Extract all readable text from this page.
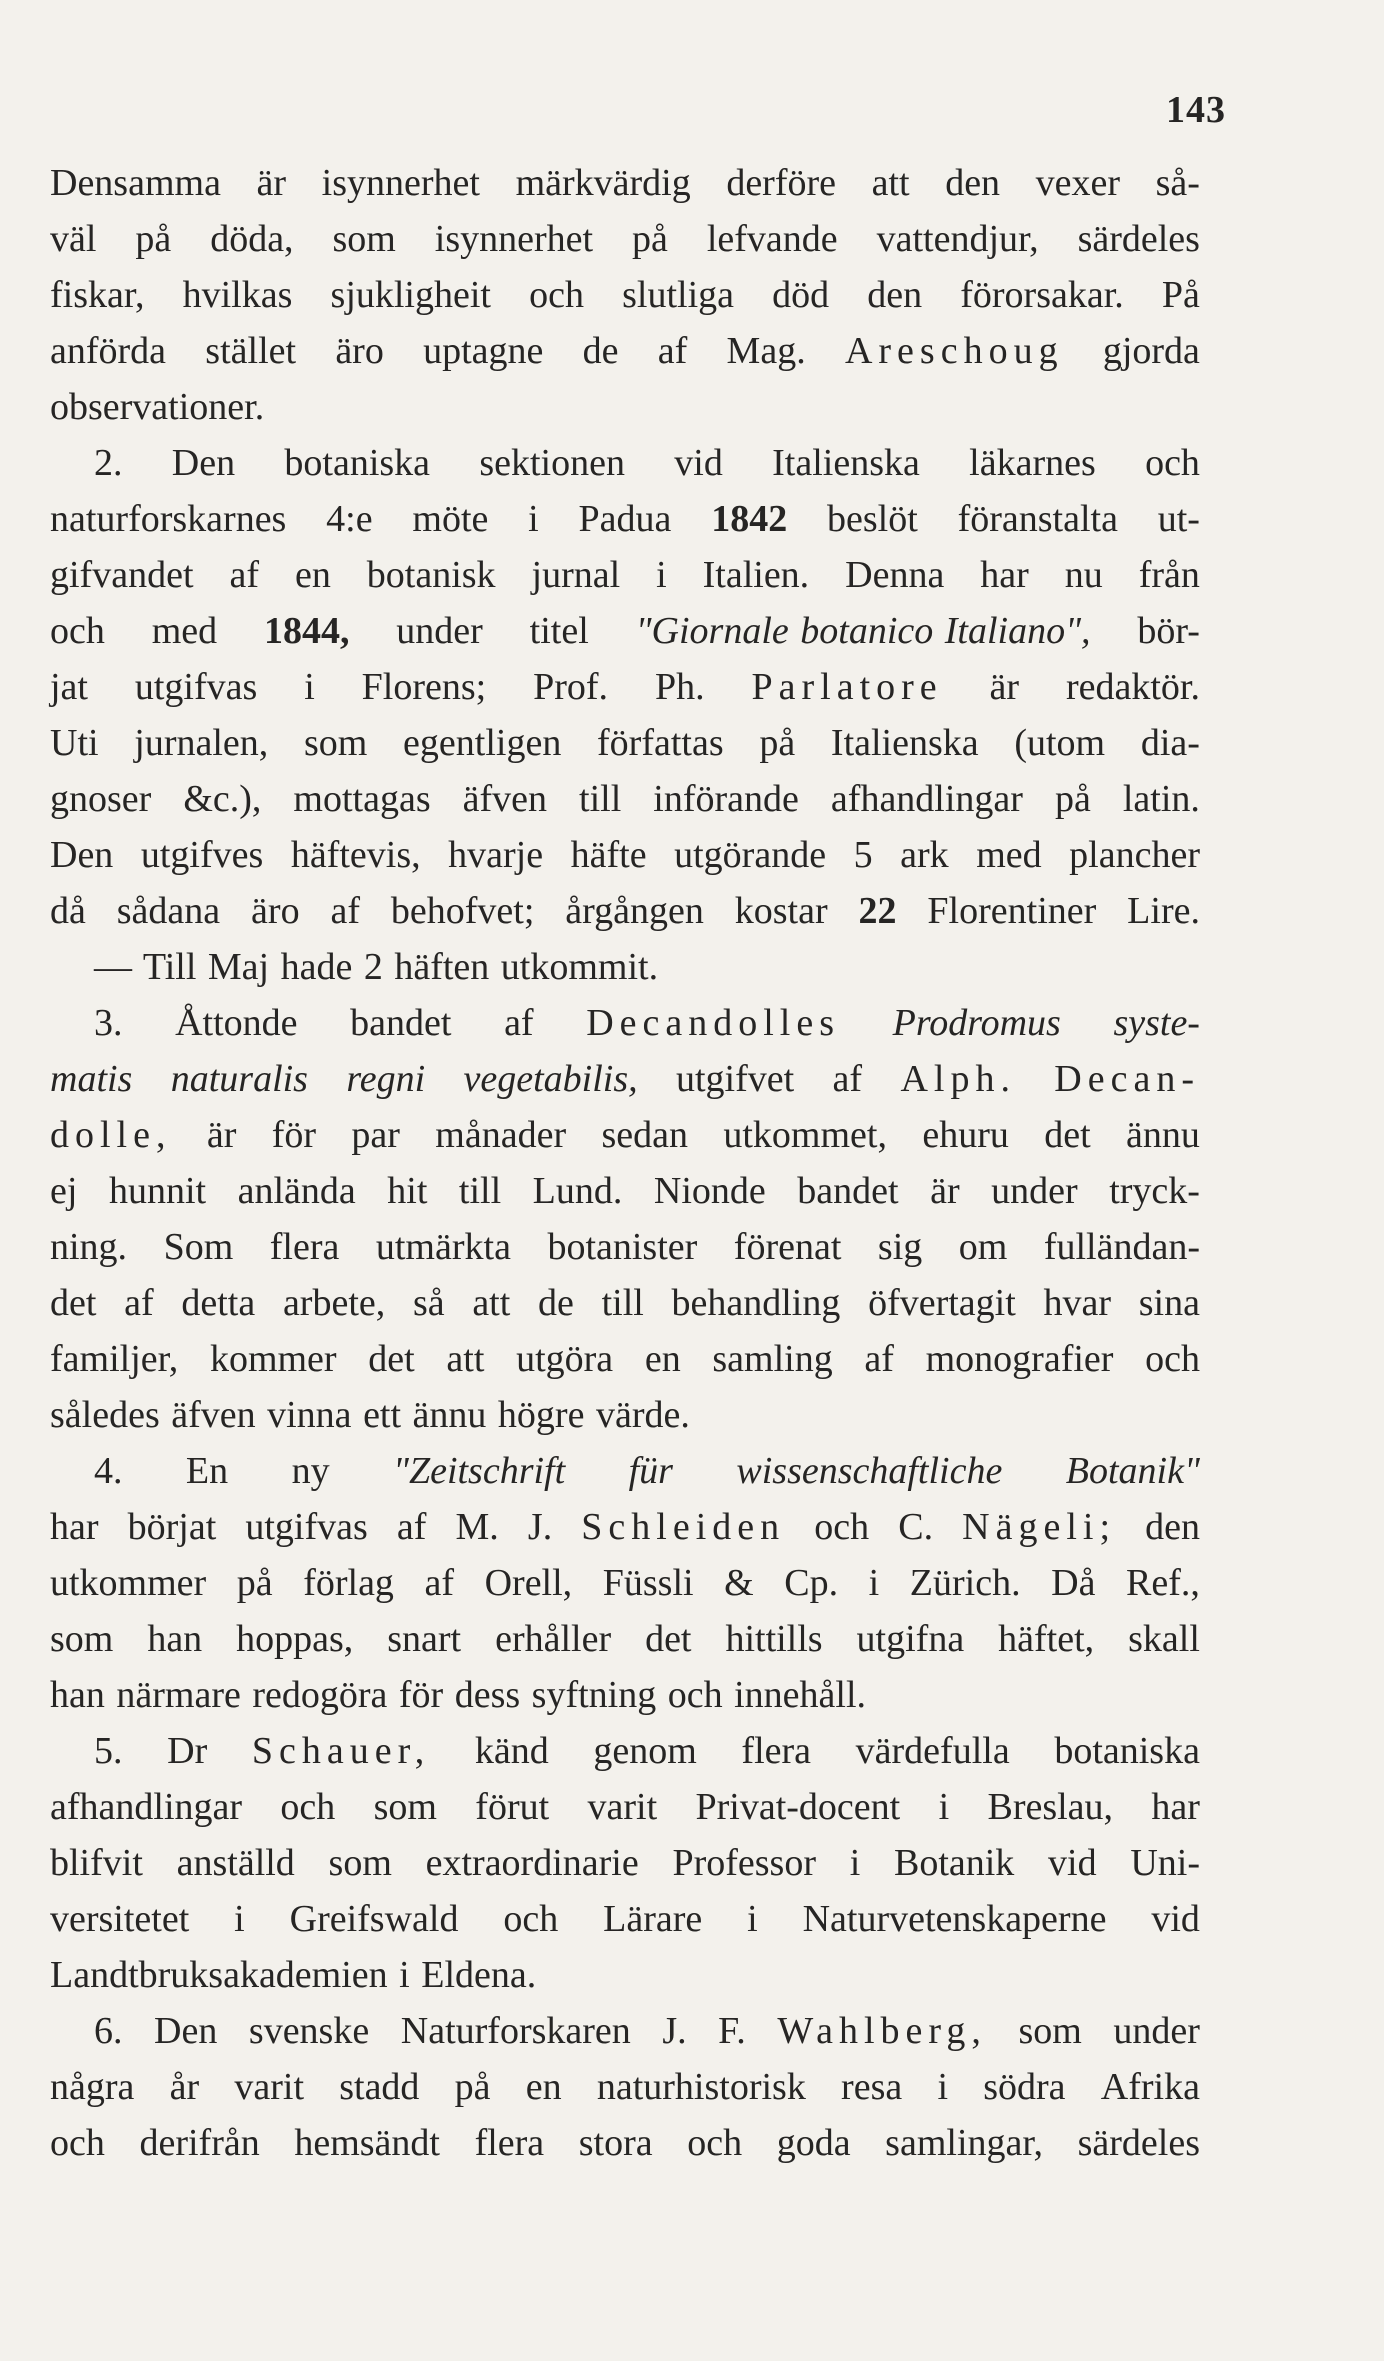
143
Densamma är isynnerhet märkvärdig derföre att den vexer så-
väl på döda, som isynnerhet på lefvande vattendjur, särdeles
fiskar, hvilkas sjukligheit och slutliga död den förorsakar. På
anförda stället äro uptagne de af Mag. Areschoug gjorda
observationer.
2. Den botaniska sektionen vid Italienska läkarnes och
naturforskarnes 4:e möte i Padua 1842 beslöt föranstalta ut-
gifvandet af en botanisk jurnal i Italien. Denna har nu från
och med 1844, under titel "Giornale botanico Italiano", bör-
jat utgifvas i Florens; Prof. Ph. Parlatore är redaktör.
Uti jurnalen, som egentligen författas på Italienska (utom dia-
gnoser &c.), mottagas äfven till införande afhandlingar på latin.
Den utgifves häftevis, hvarje häfte utgörande 5 ark med plancher
då sådana äro af behofvet; årgången kostar 22 Florentiner Lire.
— Till Maj hade 2 häften utkommit.
3. Åttonde bandet af Decandolles Prodromus syste-
matis naturalis regni vegetabilis, utgifvet af Alph. Decan-
dolle, är för par månader sedan utkommet, ehuru det ännu
ej hunnit anlända hit till Lund. Nionde bandet är under tryck-
ning. Som flera utmärkta botanister förenat sig om fulländan-
det af detta arbete, så att de till behandling öfvertagit hvar sina
familjer, kommer det att utgöra en samling af monografier och
således äfven vinna ett ännu högre värde.
4. En ny "Zeitschrift für wissenschaftliche Botanik"
har börjat utgifvas af M. J. Schleiden och C. Nägeli; den
utkommer på förlag af Orell, Füssli & Cp. i Zürich. Då Ref.,
som han hoppas, snart erhåller det hittills utgifna häftet, skall
han närmare redogöra för dess syftning och innehåll.
5. Dr Schauer, känd genom flera värdefulla botaniska
afhandlingar och som förut varit Privat-docent i Breslau, har
blifvit anställd som extraordinarie Professor i Botanik vid Uni-
versitetet i Greifswald och Lärare i Naturvetenskaperne vid
Landtbruksakademien i Eldena.
6. Den svenske Naturforskaren J. F. Wahlberg, som under
några år varit stadd på en naturhistorisk resa i södra Afrika
och derifrån hemsändt flera stora och goda samlingar, särdeles
